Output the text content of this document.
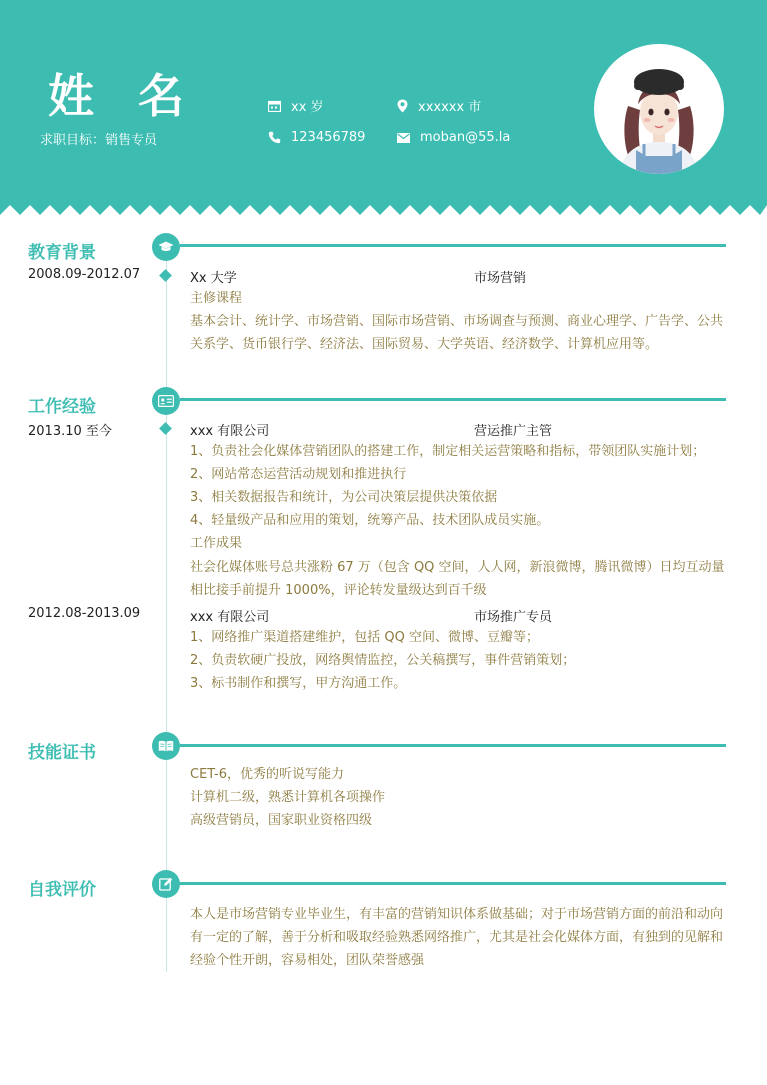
姓 名
求职目标：销售专员
xx 岁	xxxxxx 市
123456789	moban@55.la
教育背景
2008.09-2012.07	Xx 大学	市场营销
主修课程
基本会计、统计学、市场营销、国际市场营销、市场调查与预测、商业心理学、广告学、公共关系学、货币银行学、经济法、国际贸易、大学英语、经济数学、计算机应用等。
工作经验
2013.10 至今	xxx 有限公司	营运推广主管
1、负责社会化媒体营销团队的搭建工作，制定相关运营策略和指标，带领团队实施计划；
2、网站常态运营活动规划和推进执行
3、相关数据报告和统计，为公司决策层提供决策依据
4、轻量级产品和应用的策划，统筹产品、技术团队成员实施。
工作成果
社会化媒体账号总共涨粉 67 万（包含 QQ 空间，人人网，新浪微博，腾讯微博）日均互动量相比接手前提升 1000%，评论转发量级达到百千级
2012.08-2013.09	xxx 有限公司	市场推广专员
1、网络推广渠道搭建维护，包括 QQ 空间、微博、豆瓣等；
2、负责软硬广投放，网络舆情监控，公关稿撰写，事件营销策划；
3、标书制作和撰写，甲方沟通工作。
技能证书
CET-6，优秀的听说写能力
计算机二级，熟悉计算机各项操作
高级营销员，国家职业资格四级
自我评价
本人是市场营销专业毕业生，有丰富的营销知识体系做基础；对于市场营销方面的前沿和动向有一定的了解，善于分析和吸取经验熟悉网络推广，尤其是社会化媒体方面，有独到的见解和经验个性开朗，容易相处，团队荣誉感强
